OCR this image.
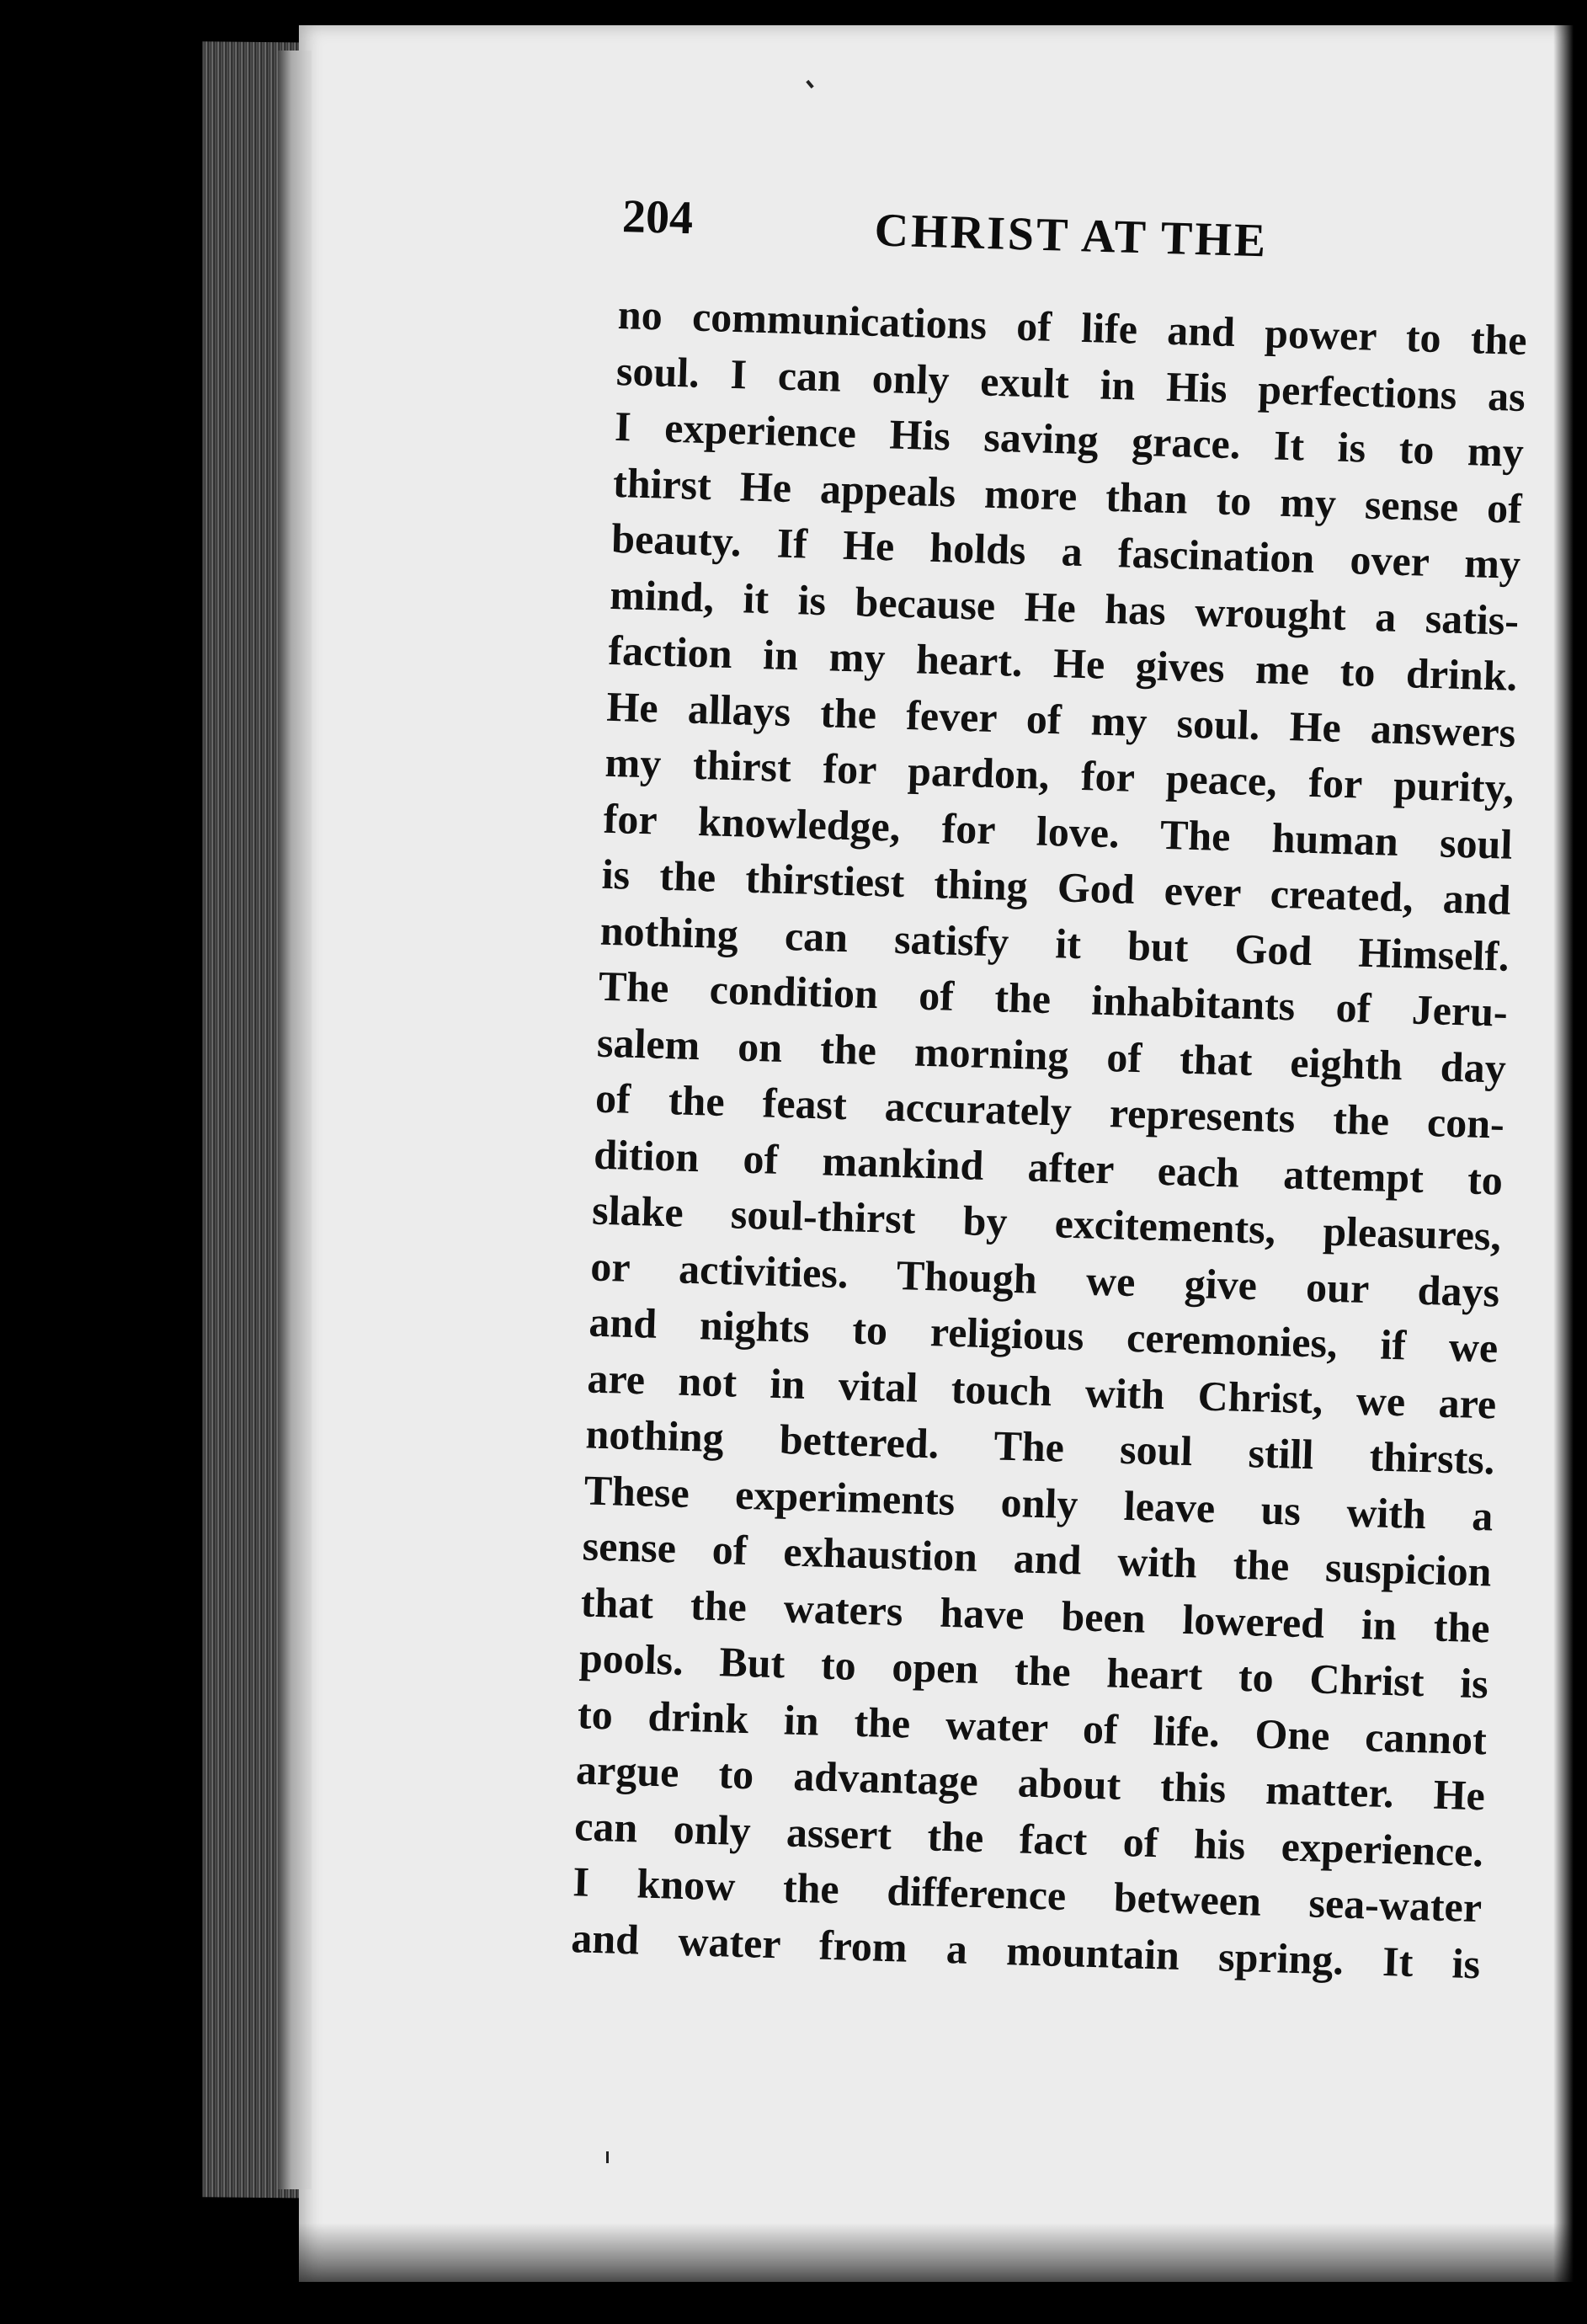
204	CHRIST AT THE
no communications of life and power to the
soul. I can only exult in His perfections as
I experience His saving grace. It is to my
thirst He appeals more than to my sense of
beauty. If He holds a fascination over my
mind, it is because He has wrought a satis-
faction in my heart. He gives me to drink.
He allays the fever of my soul. He answers
my thirst for pardon, for peace, for purity,
for knowledge, for love. The human soul
is the thirstiest thing God ever created, and
nothing can satisfy it but God Himself.
The condition of the inhabitants of Jeru-
salem on the morning of that eighth day
of the feast accurately represents the con-
dition of mankind after each attempt to
slake soul-thirst by excitements, pleasures,
or activities. Though we give our days
and nights to religious ceremonies, if we
are not in vital touch with Christ, we are
nothing bettered. The soul still thirsts.
These experiments only leave us with a
sense of exhaustion and with the suspicion
that the waters have been lowered in the
pools. But to open the heart to Christ is
to drink in the water of life. One cannot
argue to advantage about this matter. He
can only assert the fact of his experience.
I know the difference between sea-water
and water from a mountain spring. It is
